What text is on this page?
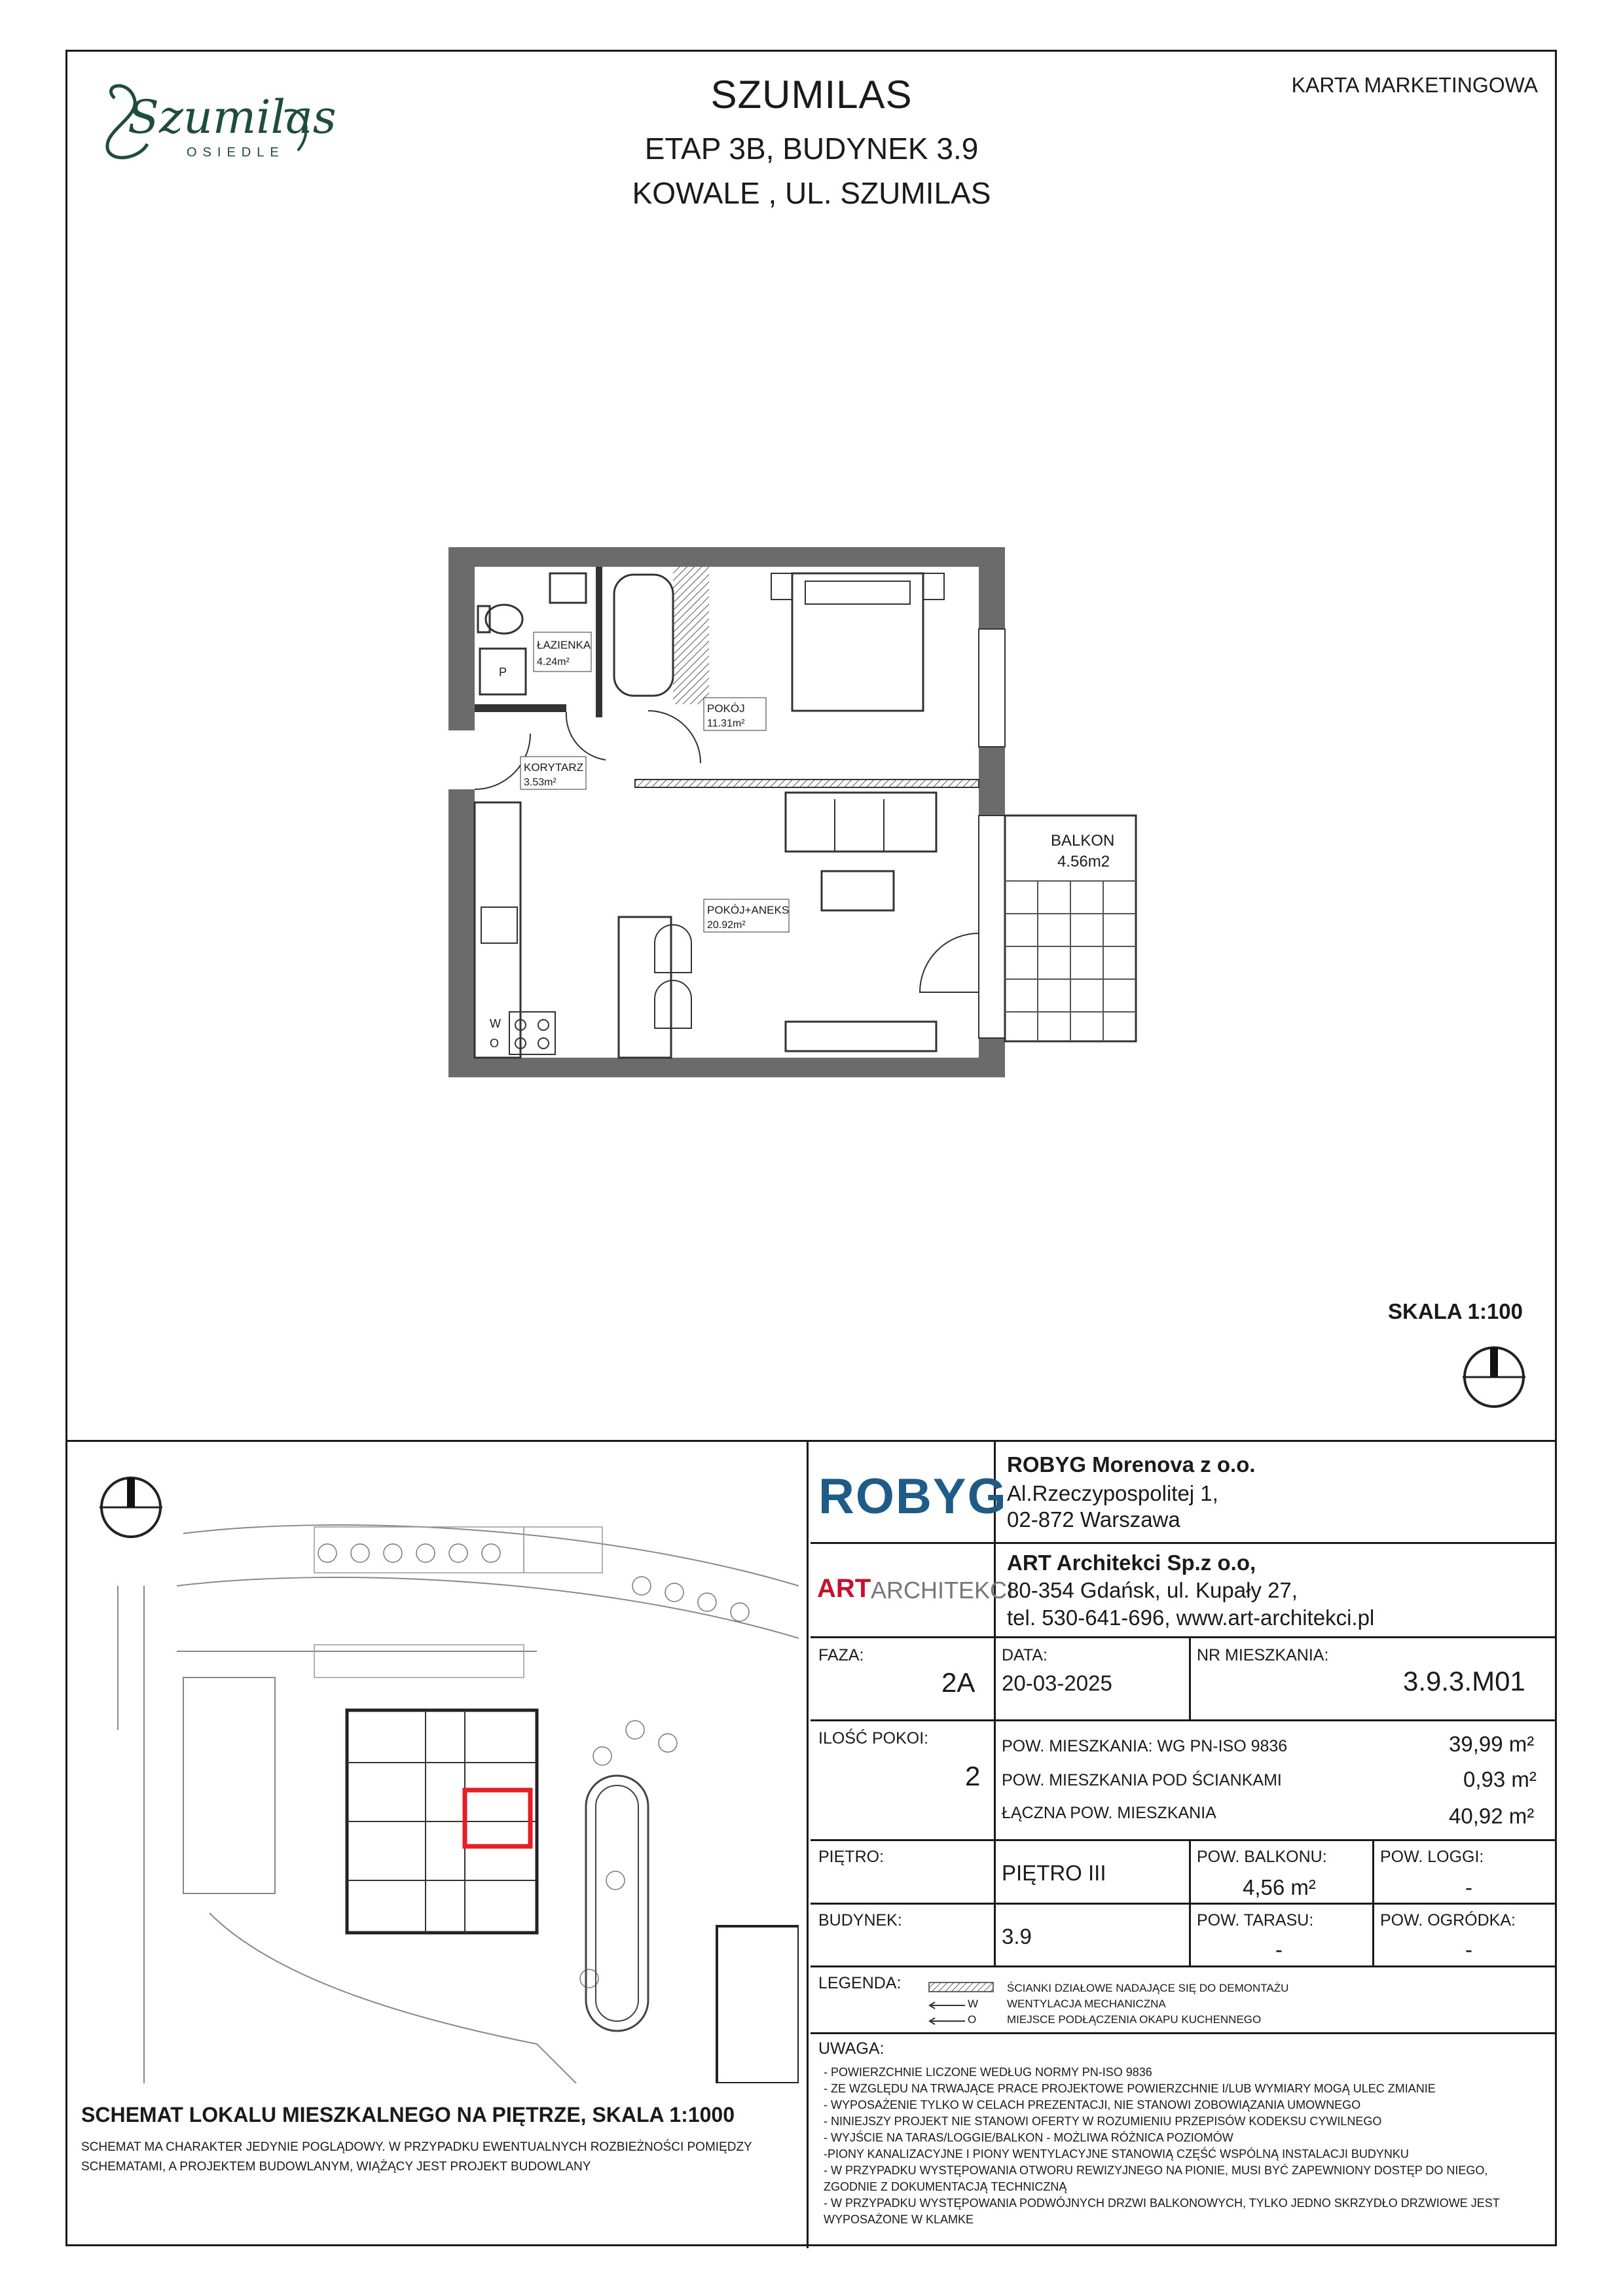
Szumilas
OSIEDLE
SZUMILAS
ETAP 3B, BUDYNEK 3.9
KOWALE , UL. SZUMILAS
KARTA MARKETINGOWA
P
W
O
ŁAZIENKA
4.24m²
POKÓJ
11.31m²
KORYTARZ
3.53m²
POKÓJ+ANEKS
20.92m²
BALKON
4.56m2
SKALA 1:100
SCHEMAT LOKALU MIESZKALNEGO NA PIĘTRZE, SKALA 1:1000
SCHEMAT MA CHARAKTER JEDYNIE POGLĄDOWY. W PRZYPADKU EWENTUALNYCH ROZBIEŻNOŚCI POMIĘDZY
SCHEMATAMI, A PROJEKTEM BUDOWLANYM, WIĄŻĄCY JEST PROJEKT BUDOWLANY
ROBYG
ROBYG Morenova z o.o.
Al.Rzeczypospolitej 1,
02-872 Warszawa
ART ARCHITEKCI
ART Architekci Sp.z o.o,
80-354 Gdańsk, ul. Kupały 27,
tel. 530-641-696, www.art-architekci.pl
FAZA:
2A
DATA:
20-03-2025
NR MIESZKANIA:
3.9.3.M01
ILOŚĆ POKOI:
2
POW. MIESZKANIA: WG PN-ISO 9836	39,99 m²
POW. MIESZKANIA POD ŚCIANKAMI	0,93 m²
ŁĄCZNA POW. MIESZKANIA	40,92 m²
PIĘTRO:
PIĘTRO III
POW. BALKONU:
4,56 m²
POW. LOGGI:
-
BUDYNEK:
3.9
POW. TARASU:
-
POW. OGRÓDKA:
-
LEGENDA:	ŚCIANKI DZIAŁOWE NADAJĄCE SIĘ DO DEMONTAŻU
W	WENTYLACJA MECHANICZNA
O	MIEJSCE PODŁĄCZENIA OKAPU KUCHENNEGO
UWAGA:
- POWIERZCHNIE LICZONE WEDŁUG NORMY PN-ISO 9836
- ZE WZGLĘDU NA TRWAJĄCE PRACE PROJEKTOWE POWIERZCHNIE I/LUB WYMIARY MOGĄ ULEC ZMIANIE
- WYPOSAŻENIE TYLKO W CELACH PREZENTACJI, NIE STANOWI ZOBOWIĄZANIA UMOWNEGO
- NINIEJSZY PROJEKT NIE STANOWI OFERTY W ROZUMIENIU PRZEPISÓW KODEKSU CYWILNEGO
- WYJŚCIE NA TARAS/LOGGIE/BALKON - MOŻLIWA RÓŻNICA POZIOMÓW
-PIONY KANALIZACYJNE I PIONY WENTYLACYJNE STANOWIĄ CZĘŚĆ WSPÓLNĄ INSTALACJI BUDYNKU
- W PRZYPADKU WYSTĘPOWANIA OTWORU REWIZYJNEGO NA PIONIE, MUSI BYĆ ZAPEWNIONY DOSTĘP DO NIEGO,
ZGODNIE Z DOKUMENTACJĄ TECHNICZNĄ
- W PRZYPADKU WYSTĘPOWANIA PODWÓJNYCH DRZWI BALKONOWYCH, TYLKO JEDNO SKRZYDŁO DRZWIOWE JEST
WYPOSAŻONE W KLAMKE
